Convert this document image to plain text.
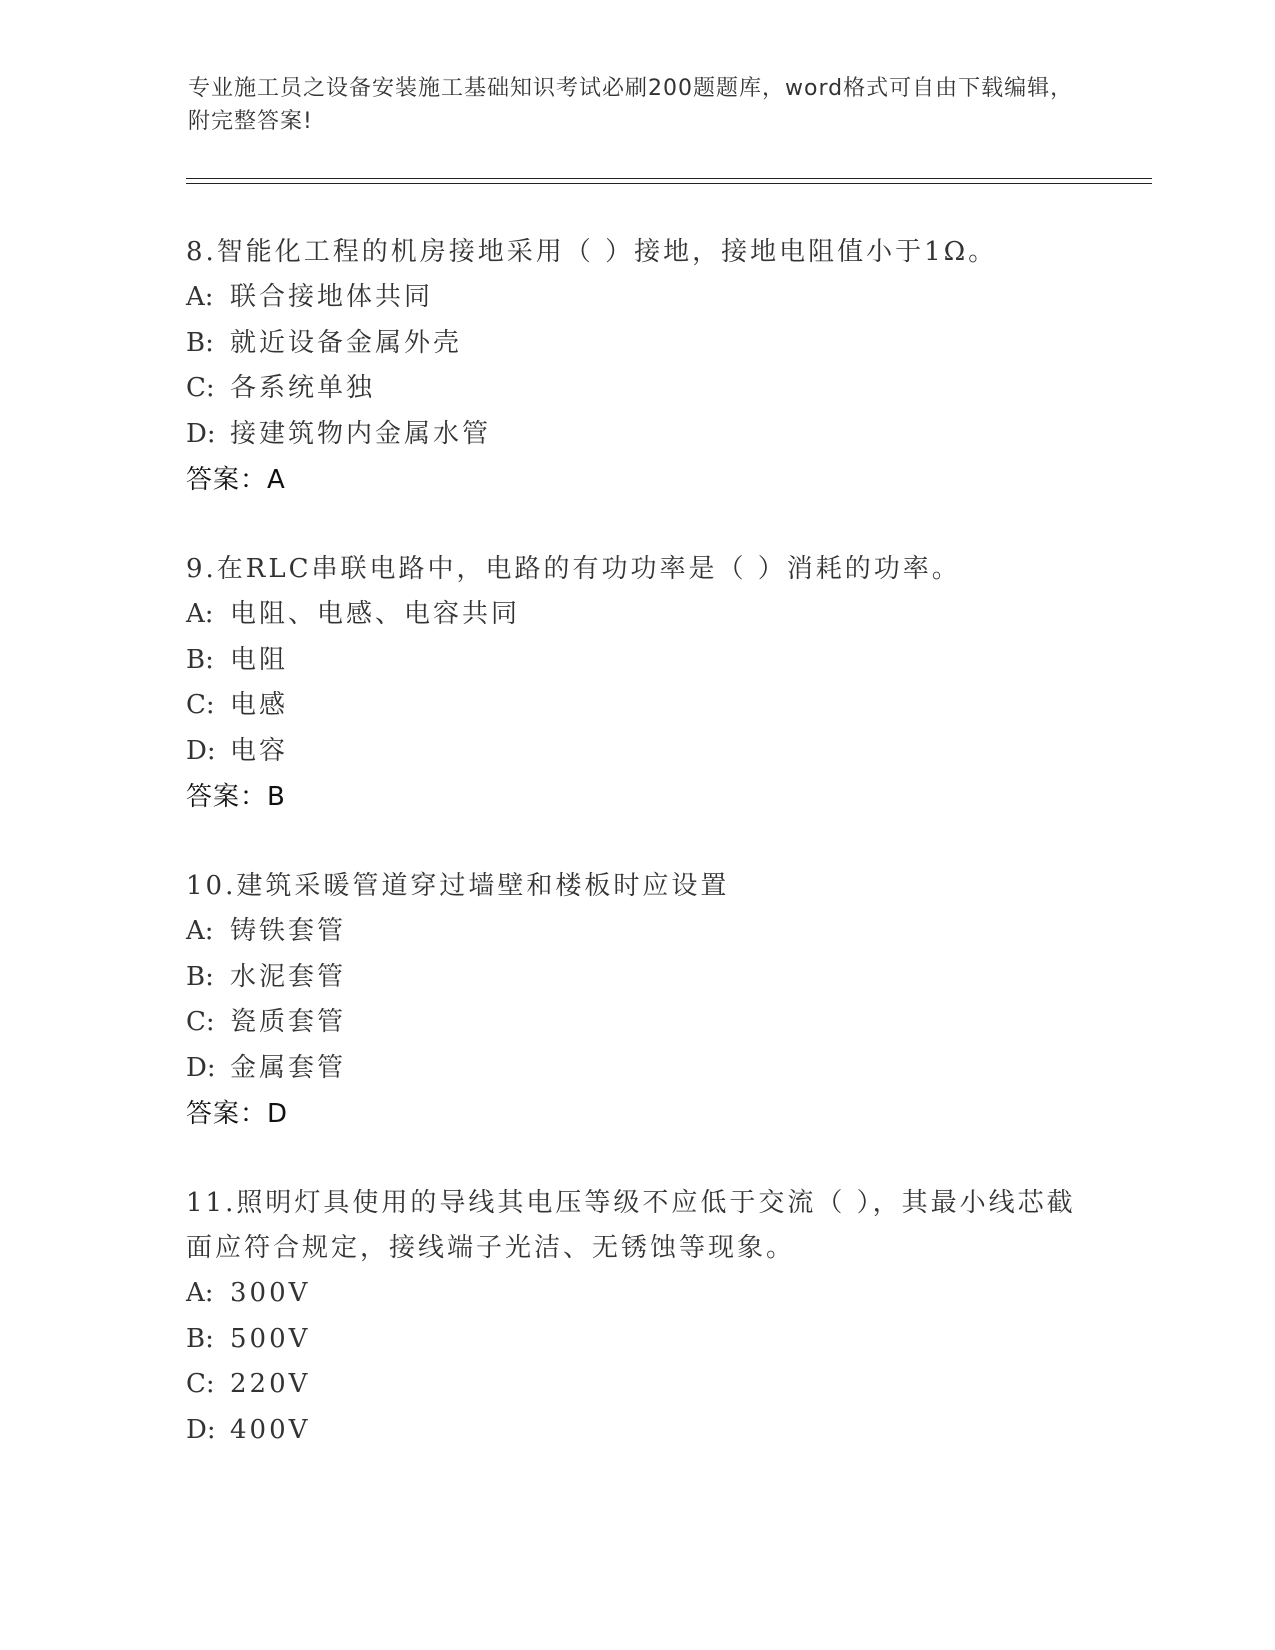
专业施工员之设备安装施工基础知识考试必刷200题题库，word格式可自由下载编辑，附完整答案!
8.智能化工程的机房接地采用（ ）接地，接地电阻值小于1Ω。
A: 联合接地体共同
B: 就近设备金属外壳
C: 各系统单独
D: 接建筑物内金属水管
答案：A
9.在RLC串联电路中，电路的有功功率是（ ）消耗的功率。
A: 电阻、电感、电容共同
B: 电阻
C: 电感
D: 电容
答案：B
10.建筑采暖管道穿过墙壁和楼板时应设置
A: 铸铁套管
B: 水泥套管
C: 瓷质套管
D: 金属套管
答案：D
11.照明灯具使用的导线其电压等级不应低于交流（ ），其最小线芯截面应符合规定，接线端子光洁、无锈蚀等现象。
A: 300V
B: 500V
C: 220V
D: 400V
